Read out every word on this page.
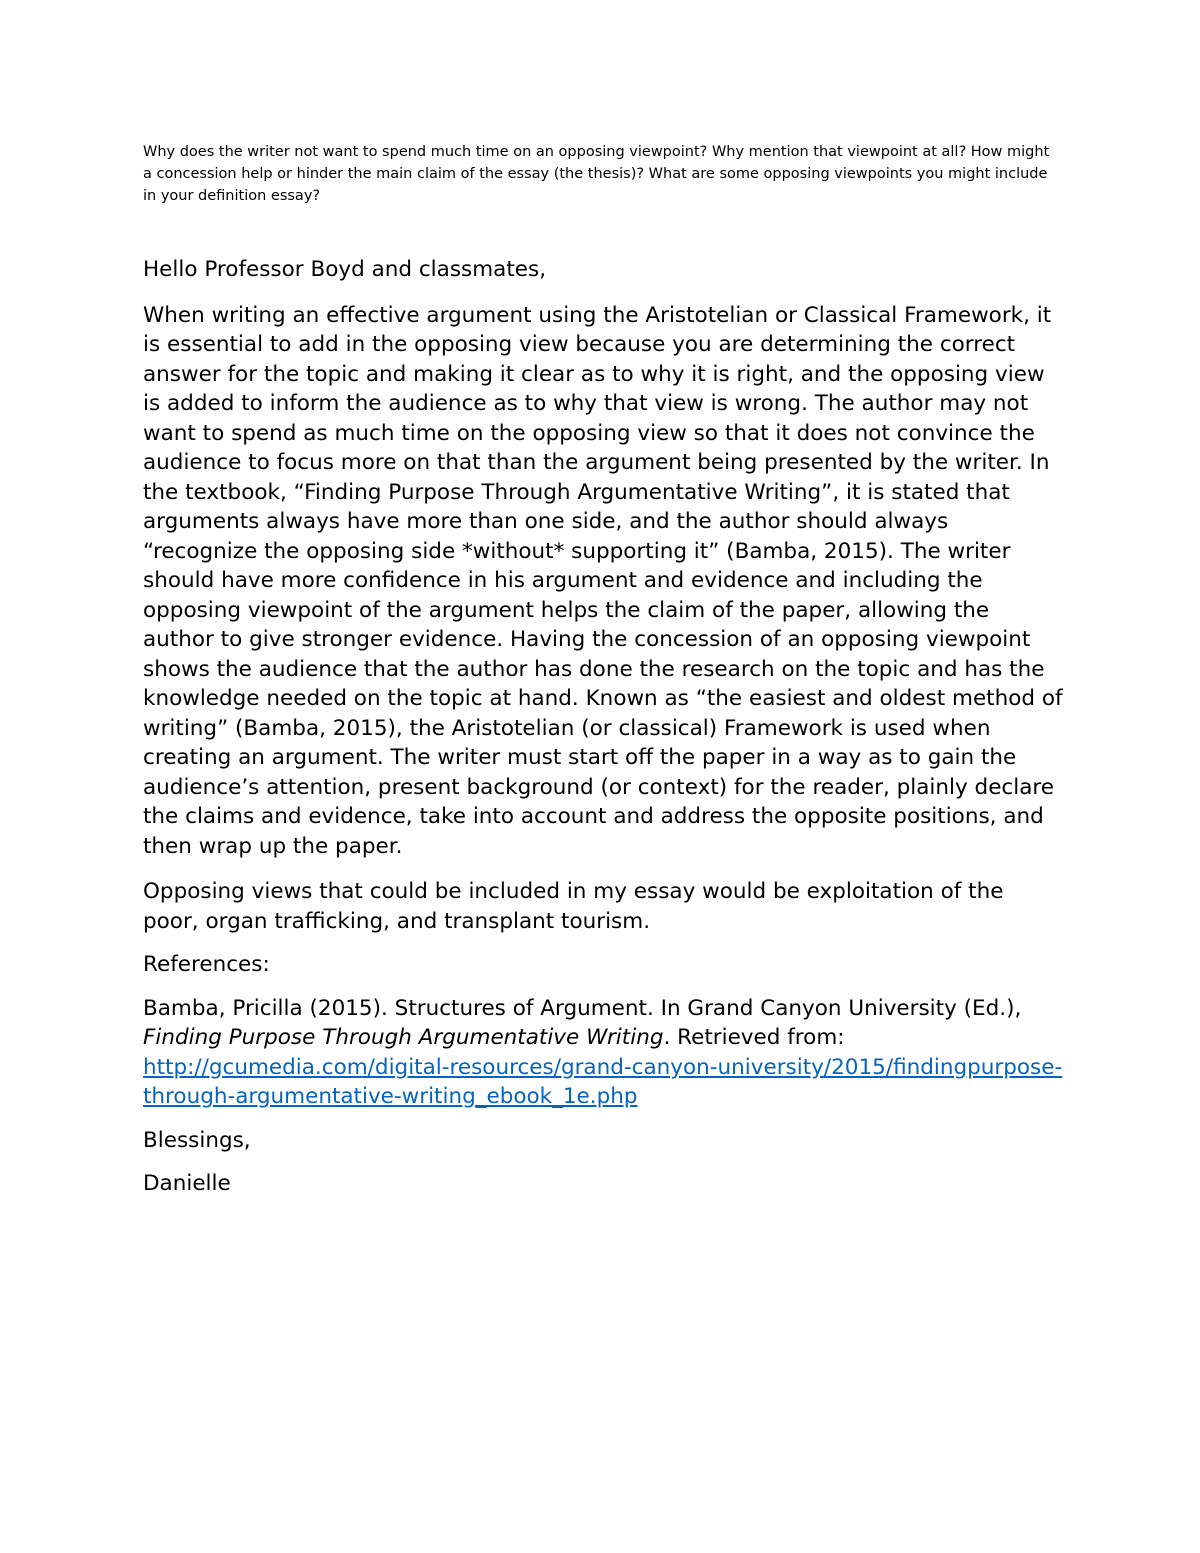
Why does the writer not want to spend much time on an opposing viewpoint? Why mention that viewpoint at all? How might a concession help or hinder the main claim of the essay (the thesis)? What are some opposing viewpoints you might include in your definition essay?

Hello Professor Boyd and classmates,

When writing an effective argument using the Aristotelian or Classical Framework, it is essential to add in the opposing view because you are determining the correct answer for the topic and making it clear as to why it is right, and the opposing view is added to inform the audience as to why that view is wrong. The author may not want to spend as much time on the opposing view so that it does not convince the audience to focus more on that than the argument being presented by the writer. In the textbook, “Finding Purpose Through Argumentative Writing”, it is stated that arguments always have more than one side, and the author should always “recognize the opposing side *without* supporting it” (Bamba, 2015). The writer should have more confidence in his argument and evidence and including the opposing viewpoint of the argument helps the claim of the paper, allowing the author to give stronger evidence. Having the concession of an opposing viewpoint shows the audience that the author has done the research on the topic and has the knowledge needed on the topic at hand. Known as “the easiest and oldest method of writing” (Bamba, 2015), the Aristotelian (or classical) Framework is used when creating an argument. The writer must start off the paper in a way as to gain the audience’s attention, present background (or context) for the reader, plainly declare the claims and evidence, take into account and address the opposite positions, and then wrap up the paper.

Opposing views that could be included in my essay would be exploitation of the poor, organ trafficking, and transplant tourism.

References:

Bamba, Pricilla (2015). Structures of Argument. In Grand Canyon University (Ed.), Finding Purpose Through Argumentative Writing. Retrieved from: http://gcumedia.com/digital-resources/grand-canyon-university/2015/findingpurpose-through-argumentative-writing_ebook_1e.php

Blessings,

Danielle
